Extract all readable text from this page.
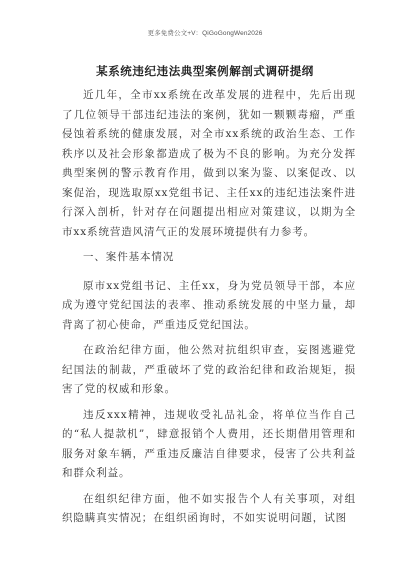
更多免费公文+V：QiGoGongWen2026
某系统违纪违法典型案例解剖式调研提纲

近几年，全市xx系统在改革发展的进程中，先后出现了几位领导干部违纪违法的案例，犹如一颗颗毒瘤，严重侵蚀着系统的健康发展，对全市xx系统的政治生态、工作秩序以及社会形象都造成了极为不良的影响。为充分发挥典型案例的警示教育作用，做到以案为鉴、以案促改、以案促治，现选取原xx党组书记、主任xx的违纪违法案件进行深入剖析，针对存在问题提出相应对策建议，以期为全市xx系统营造风清气正的发展环境提供有力参考。

一、案件基本情况

原市xx党组书记、主任xx，身为党员领导干部，本应成为遵守党纪国法的表率、推动系统发展的中坚力量，却背离了初心使命，严重违反党纪国法。

在政治纪律方面，他公然对抗组织审查，妄图逃避党纪国法的制裁，严重破坏了党的政治纪律和政治规矩，损害了党的权威和形象。

违反xxx精神，违规收受礼品礼金，将单位当作自己的“私人提款机”，肆意报销个人费用，还长期借用管理和服务对象车辆，严重违反廉洁自律要求，侵害了公共利益和群众利益。

在组织纪律方面，他不如实报告个人有关事项，对组织隐瞒真实情况；在组织函询时，不如实说明问题，试图
